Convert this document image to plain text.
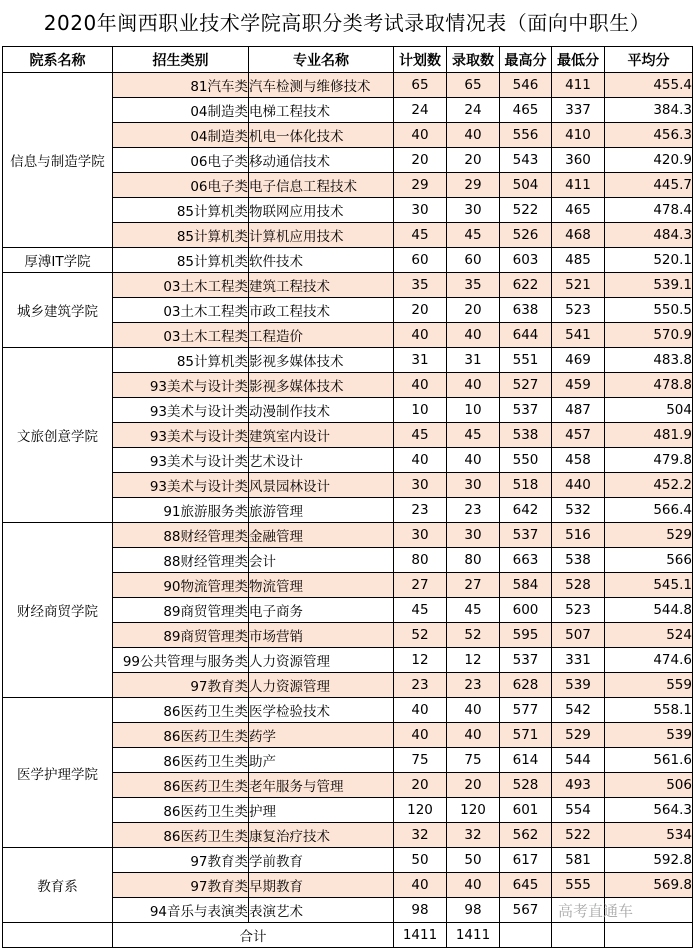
2020年闽西职业技术学院高职分类考试录取情况表（面向中职生）
院系名称	招生类别	专业名称	计划数	录取数	最高分	最低分	平均分
信息与制造学院	81汽车类	汽车检测与维修技术	65	65	546	411	455.4
	04制造类	电梯工程技术	24	24	465	337	384.3
	04制造类	机电一体化技术	40	40	556	410	456.3
	06电子类	移动通信技术	20	20	543	360	420.9
	06电子类	电子信息工程技术	29	29	504	411	445.7
	85计算机类	物联网应用技术	30	30	522	465	478.4
	85计算机类	计算机应用技术	45	45	526	468	484.3
厚溥IT学院	85计算机类	软件技术	60	60	603	485	520.1
城乡建筑学院	03土木工程类	建筑工程技术	35	35	622	521	539.1
	03土木工程类	市政工程技术	20	20	638	523	550.5
	03土木工程类	工程造价	40	40	644	541	570.9
文旅创意学院	85计算机类	影视多媒体技术	31	31	551	469	483.8
	93美术与设计类	影视多媒体技术	40	40	527	459	478.8
	93美术与设计类	动漫制作技术	10	10	537	487	504
	93美术与设计类	建筑室内设计	45	45	538	457	481.9
	93美术与设计类	艺术设计	40	40	550	458	479.8
	93美术与设计类	风景园林设计	30	30	518	440	452.2
	91旅游服务类	旅游管理	23	23	642	532	566.4
财经商贸学院	88财经管理类	金融管理	30	30	537	516	529
	88财经管理类	会计	80	80	663	538	566
	90物流管理类	物流管理	27	27	584	528	545.1
	89商贸管理类	电子商务	45	45	600	523	544.8
	89商贸管理类	市场营销	52	52	595	507	524
	99公共管理与服务类	人力资源管理	12	12	537	331	474.6
	97教育类	人力资源管理	23	23	628	539	559
医学护理学院	86医药卫生类	医学检验技术	40	40	577	542	558.1
	86医药卫生类	药学	40	40	571	529	539
	86医药卫生类	助产	75	75	614	544	561.6
	86医药卫生类	老年服务与管理	20	20	528	493	506
	86医药卫生类	护理	120	120	601	554	564.3
	86医药卫生类	康复治疗技术	32	32	562	522	534
教育系	97教育类	学前教育	50	50	617	581	592.8
	97教育类	早期教育	40	40	645	555	569.8
	94音乐与表演类	表演艺术	98	98	567		
	合计		1411	1411			
高考直通车
